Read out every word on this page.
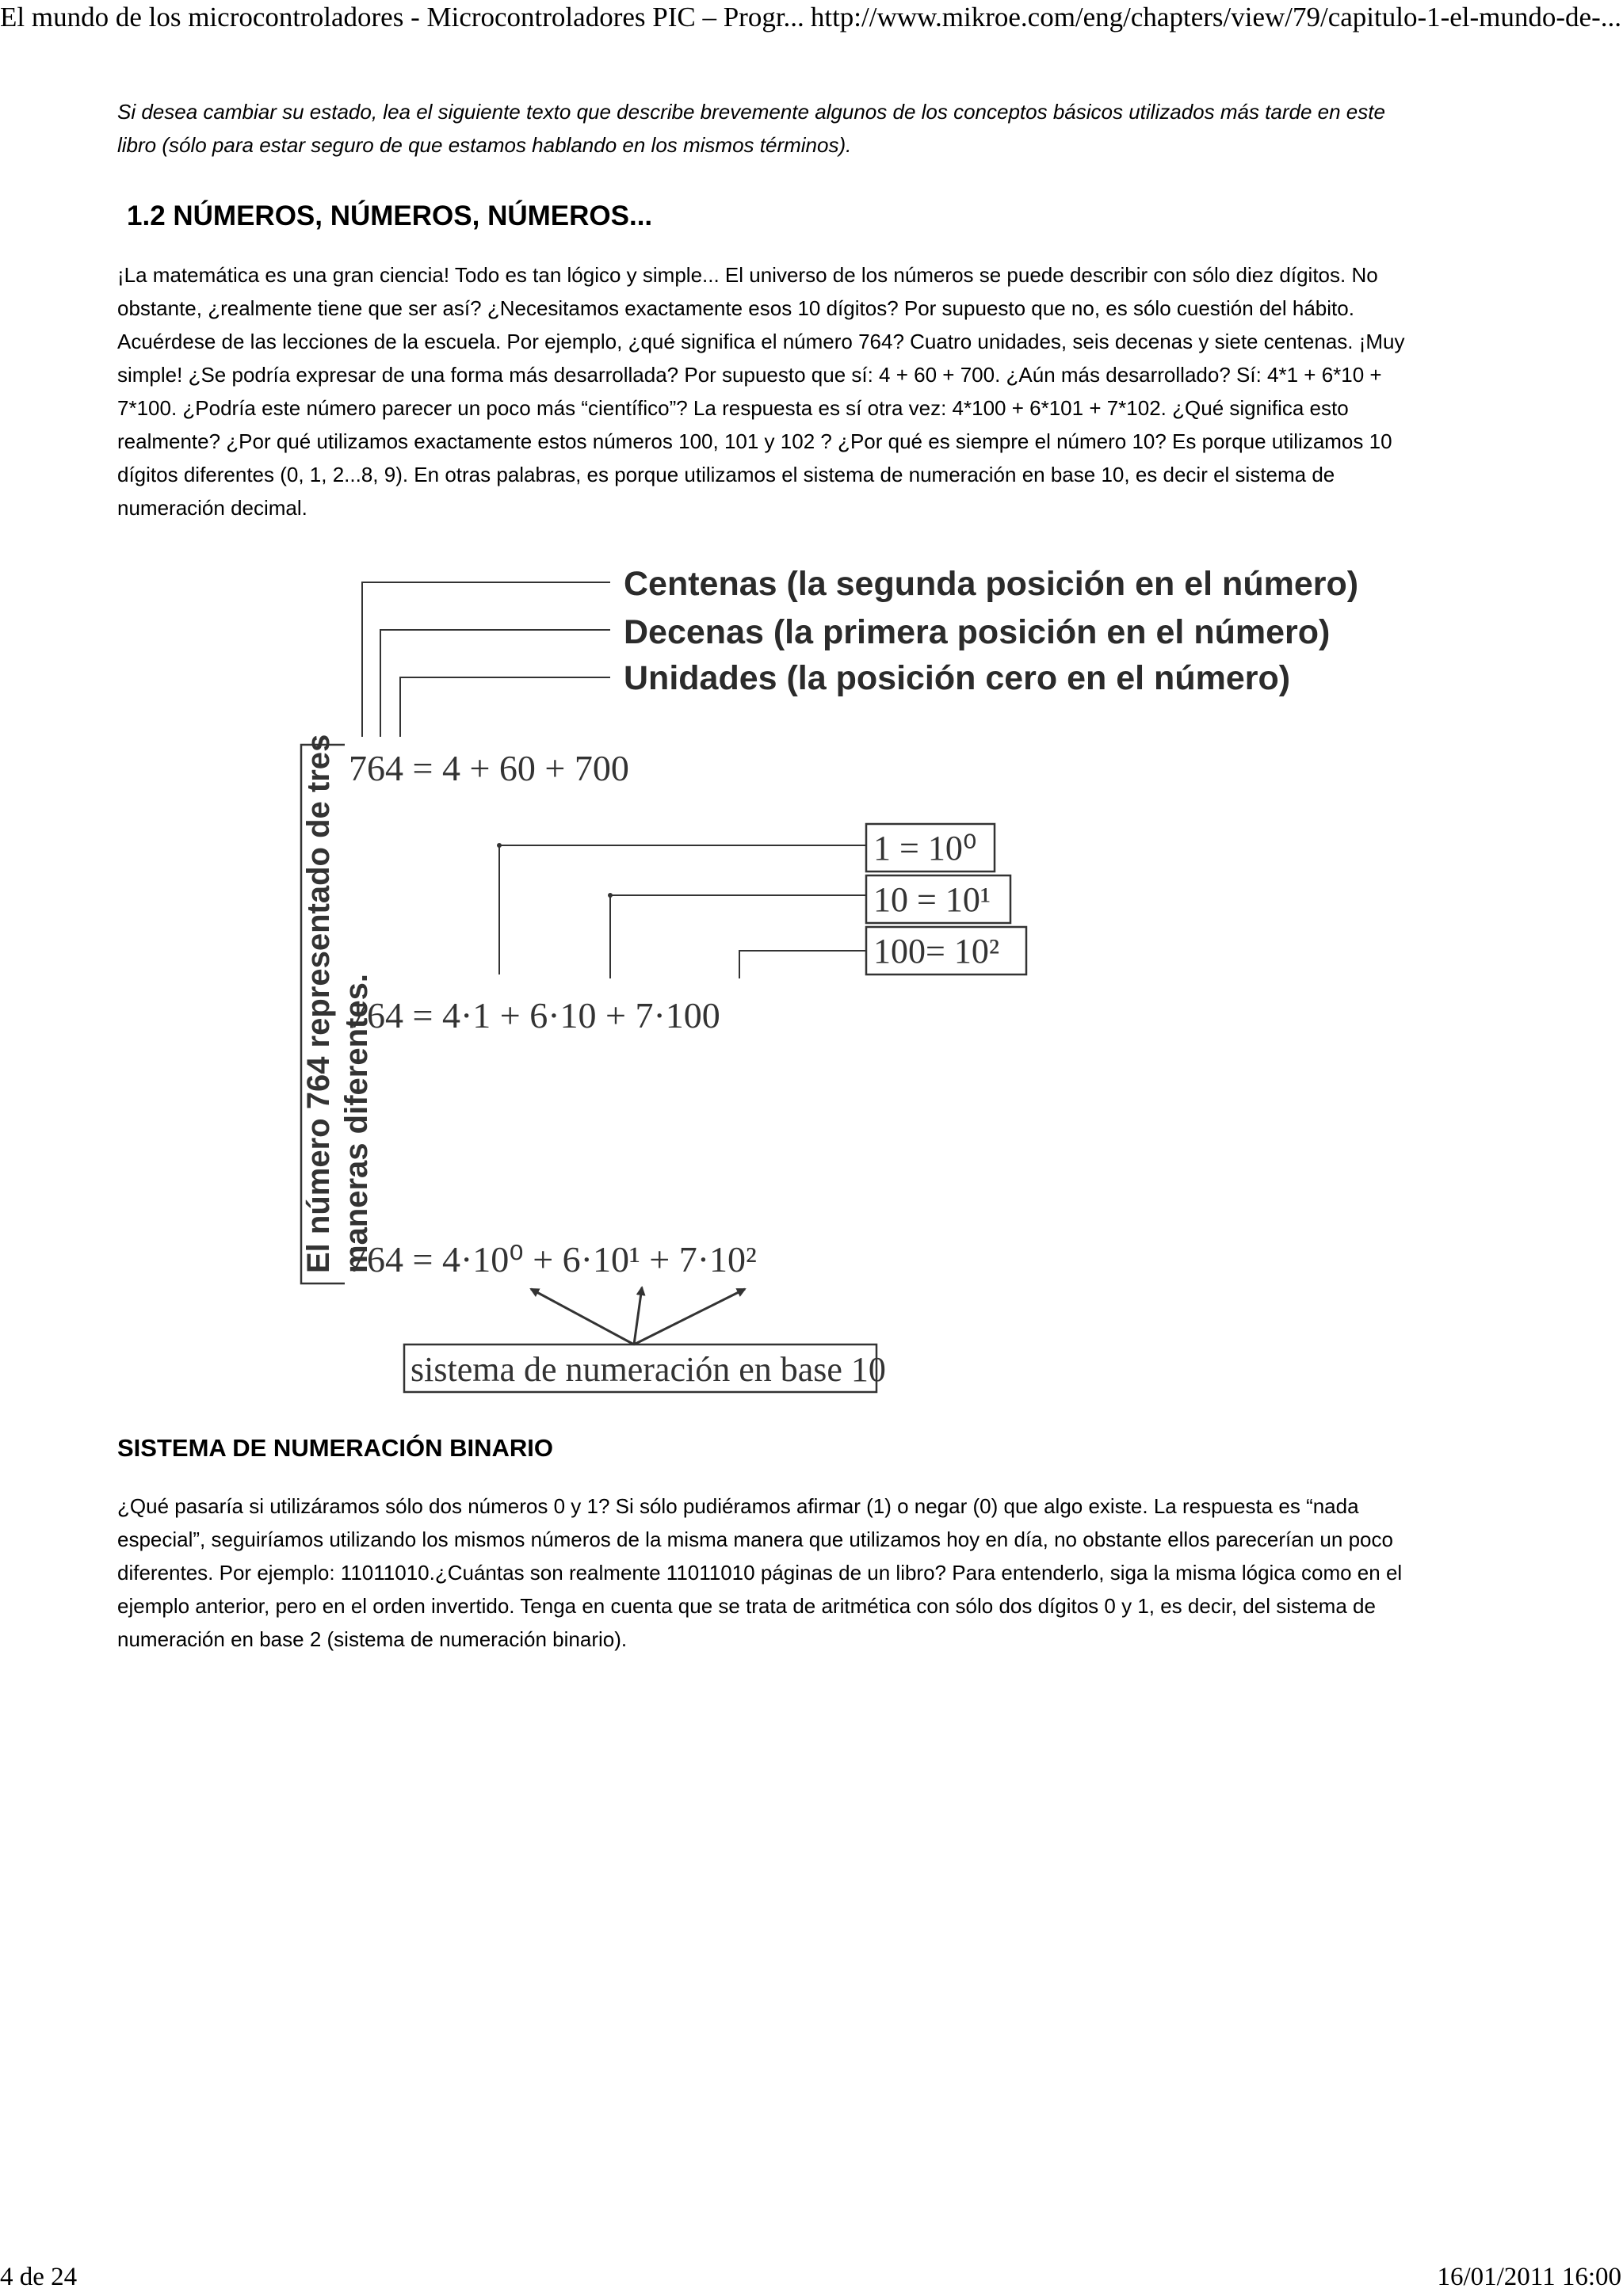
El mundo de los microcontroladores - Microcontroladores PIC – Progr... http://www.mikroe.com/eng/chapters/view/79/capitulo-1-el-mundo-de-...

Si desea cambiar su estado, lea el siguiente texto que describe brevemente algunos de los conceptos básicos utilizados más tarde en este
libro (sólo para estar seguro de que estamos hablando en los mismos términos).

1.2 NÚMEROS, NÚMEROS, NÚMEROS...

¡La matemática es una gran ciencia! Todo es tan lógico y simple... El universo de los números se puede describir con sólo diez dígitos. No
obstante, ¿realmente tiene que ser así? ¿Necesitamos exactamente esos 10 dígitos? Por supuesto que no, es sólo cuestión del hábito.
Acuérdese de las lecciones de la escuela. Por ejemplo, ¿qué significa el número 764? Cuatro unidades, seis decenas y siete centenas. ¡Muy
simple! ¿Se podría expresar de una forma más desarrollada? Por supuesto que sí: 4 + 60 + 700. ¿Aún más desarrollado? Sí: 4*1 + 6*10 +
7*100. ¿Podría este número parecer un poco más “científico”? La respuesta es sí otra vez: 4*100 + 6*101 + 7*102. ¿Qué significa esto
realmente? ¿Por qué utilizamos exactamente estos números 100, 101 y 102 ? ¿Por qué es siempre el número 10? Es porque utilizamos 10
dígitos diferentes (0, 1, 2...8, 9). En otras palabras, es porque utilizamos el sistema de numeración en base 10, es decir el sistema de
numeración decimal.

Centenas (la segunda posición en el número)
Decenas (la primera posición en el número)
Unidades (la posición cero en el número)
El número 764 representado de tres maneras diferentes.
764 = 4 + 60 + 700
764 = 4·1 + 6·10 + 7·100
764 = 4·10⁰ + 6·10¹ + 7·10²
1 = 10⁰
10 = 10¹
100= 10²
sistema de numeración en base 10
SISTEMA DE NUMERACIÓN BINARIO

¿Qué pasaría si utilizáramos sólo dos números 0 y 1? Si sólo pudiéramos afirmar (1) o negar (0) que algo existe. La respuesta es “nada
especial”, seguiríamos utilizando los mismos números de la misma manera que utilizamos hoy en día, no obstante ellos parecerían un poco
diferentes. Por ejemplo: 11011010.¿Cuántas son realmente 11011010 páginas de un libro? Para entenderlo, siga la misma lógica como en el
ejemplo anterior, pero en el orden invertido. Tenga en cuenta que se trata de aritmética con sólo dos dígitos 0 y 1, es decir, del sistema de
numeración en base 2 (sistema de numeración binario).

4 de 24	16/01/2011 16:00
